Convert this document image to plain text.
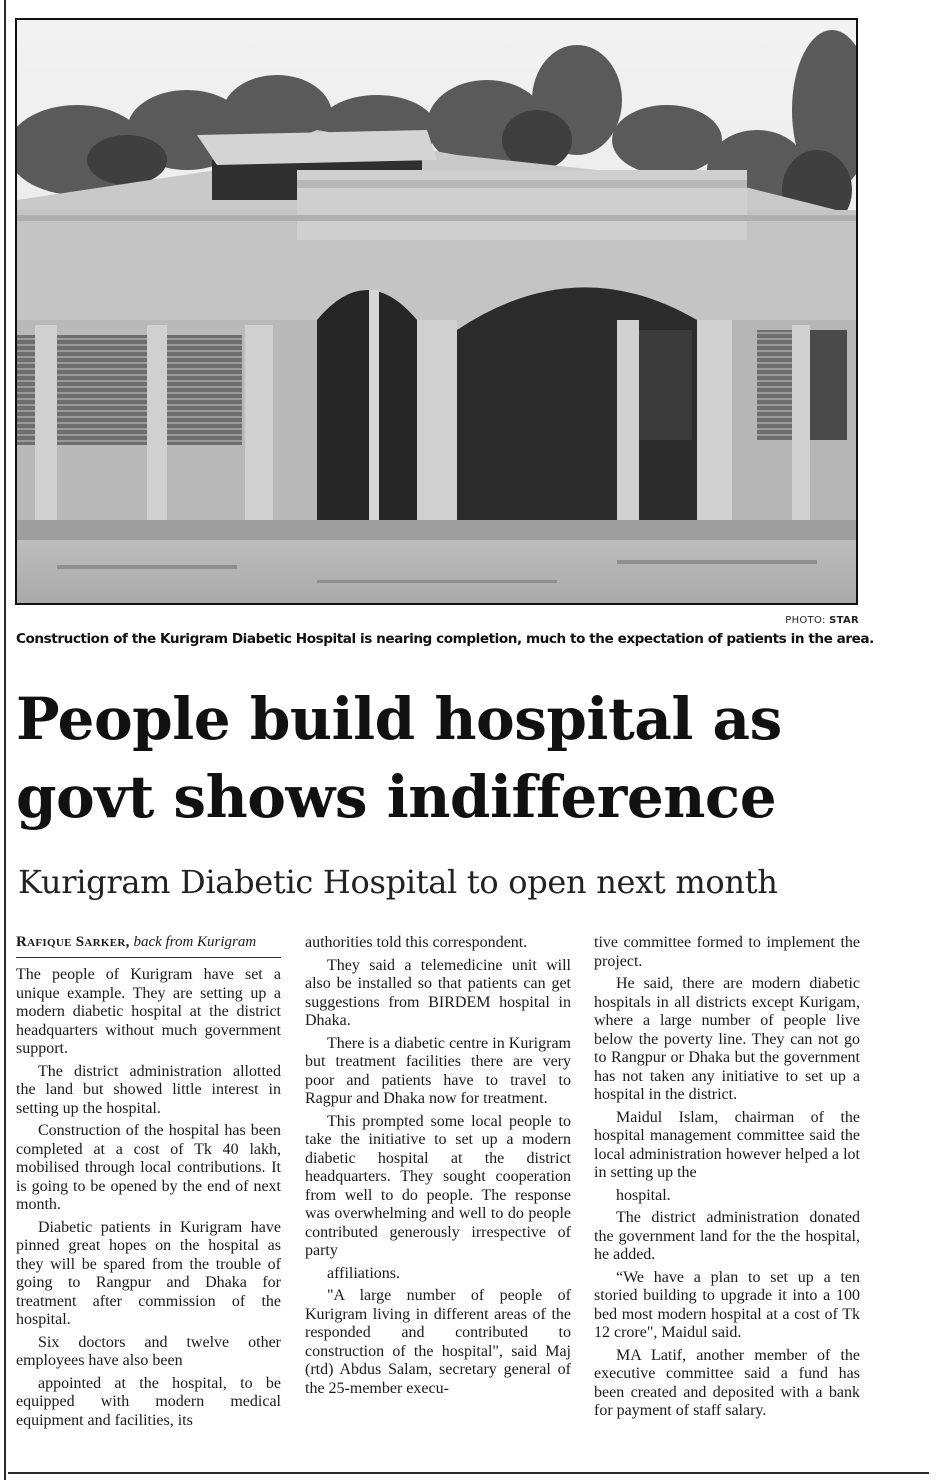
PHOTO: STAR
Construction of the Kurigram Diabetic Hospital is nearing completion, much to the expectation of patients in the area.
People build hospital as
govt shows indifference
Kurigram Diabetic Hospital to open next month

Rafique Sarker, back from Kurigram

The people of Kurigram have set a unique example. They are setting up a modern diabetic hospital at the district headquarters without much government support.

The district administration allotted the land but showed little interest in setting up the hospital.

Construction of the hospital has been completed at a cost of Tk 40 lakh, mobilised through local contributions. It is going to be opened by the end of next month.

Diabetic patients in Kurigram have pinned great hopes on the hospital as they will be spared from the trouble of going to Rangpur and Dhaka for treatment after commission of the hospital.

Six doctors and twelve other employees have also been

appointed at the hospital, to be equipped with modern medical equipment and facilities, its

authorities told this correspondent.

They said a telemedicine unit will also be installed so that patients can get suggestions from BIRDEM hospital in Dhaka.

There is a diabetic centre in Kurigram but treatment facilities there are very poor and patients have to travel to Ragpur and Dhaka now for treatment.

This prompted some local people to take the initiative to set up a modern diabetic hospital at the district headquarters. They sought cooperation from well to do people. The response was overwhelming and well to do people contributed generously irrespective of party

affiliations.

"A large number of people of Kurigram living in different areas of the responded and contributed to construction of the hospital", said Maj (rtd) Abdus Salam, secretary general of the 25-member execu-

tive committee formed to implement the project.

He said, there are modern diabetic hospitals in all districts except Kurigam, where a large number of people live below the poverty line. They can not go to Rangpur or Dhaka but the government has not taken any initiative to set up a hospital in the district.

Maidul Islam, chairman of the hospital management committee said the local administration however helped a lot in setting up the

hospital.

The district administration donated the government land for the the hospital, he added.

“We have a plan to set up a ten storied building to upgrade it into a 100 bed most modern hospital at a cost of Tk 12 crore", Maidul said.

MA Latif, another member of the executive committee said a fund has been created and deposited with a bank for payment of staff salary.
